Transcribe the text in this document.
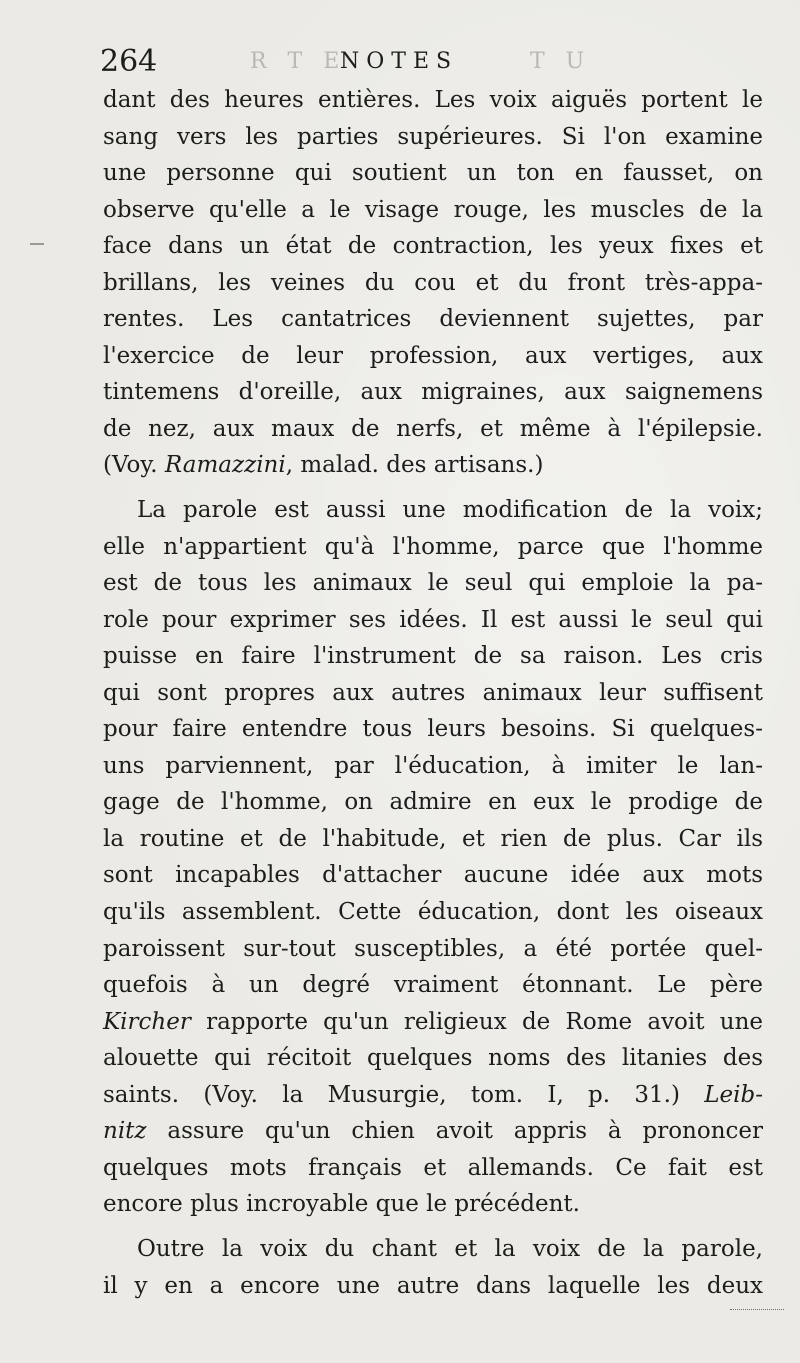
264	R T E
NOTES	T U
dant des heures entières. Les voix aiguës portent le
sang vers les parties supérieures. Si l'on examine
une personne qui soutient un ton en fausset, on
observe qu'elle a le visage rouge, les muscles de la
face dans un état de contraction, les yeux fixes et
brillans, les veines du cou et du front très-appa-
rentes. Les cantatrices deviennent sujettes, par
l'exercice de leur profession, aux vertiges, aux
tintemens d'oreille, aux migraines, aux saignemens
de nez, aux maux de nerfs, et même à l'épilepsie.
(Voy. Ramazzini, malad. des artisans.)
La parole est aussi une modification de la voix;
elle n'appartient qu'à l'homme, parce que l'homme
est de tous les animaux le seul qui emploie la pa-
role pour exprimer ses idées. Il est aussi le seul qui
puisse en faire l'instrument de sa raison. Les cris
qui sont propres aux autres animaux leur suffisent
pour faire entendre tous leurs besoins. Si quelques-
uns parviennent, par l'éducation, à imiter le lan-
gage de l'homme, on admire en eux le prodige de
la routine et de l'habitude, et rien de plus. Car ils
sont incapables d'attacher aucune idée aux mots
qu'ils assemblent. Cette éducation, dont les oiseaux
paroissent sur-tout susceptibles, a été portée quel-
quefois à un degré vraiment étonnant. Le père
Kircher rapporte qu'un religieux de Rome avoit une
alouette qui récitoit quelques noms des litanies des
saints. (Voy. la Musurgie, tom. I, p. 31.) Leib-
nitz assure qu'un chien avoit appris à prononcer
quelques mots français et allemands. Ce fait est
encore plus incroyable que le précédent.
Outre la voix du chant et la voix de la parole,
il y en a encore une autre dans laquelle les deux
